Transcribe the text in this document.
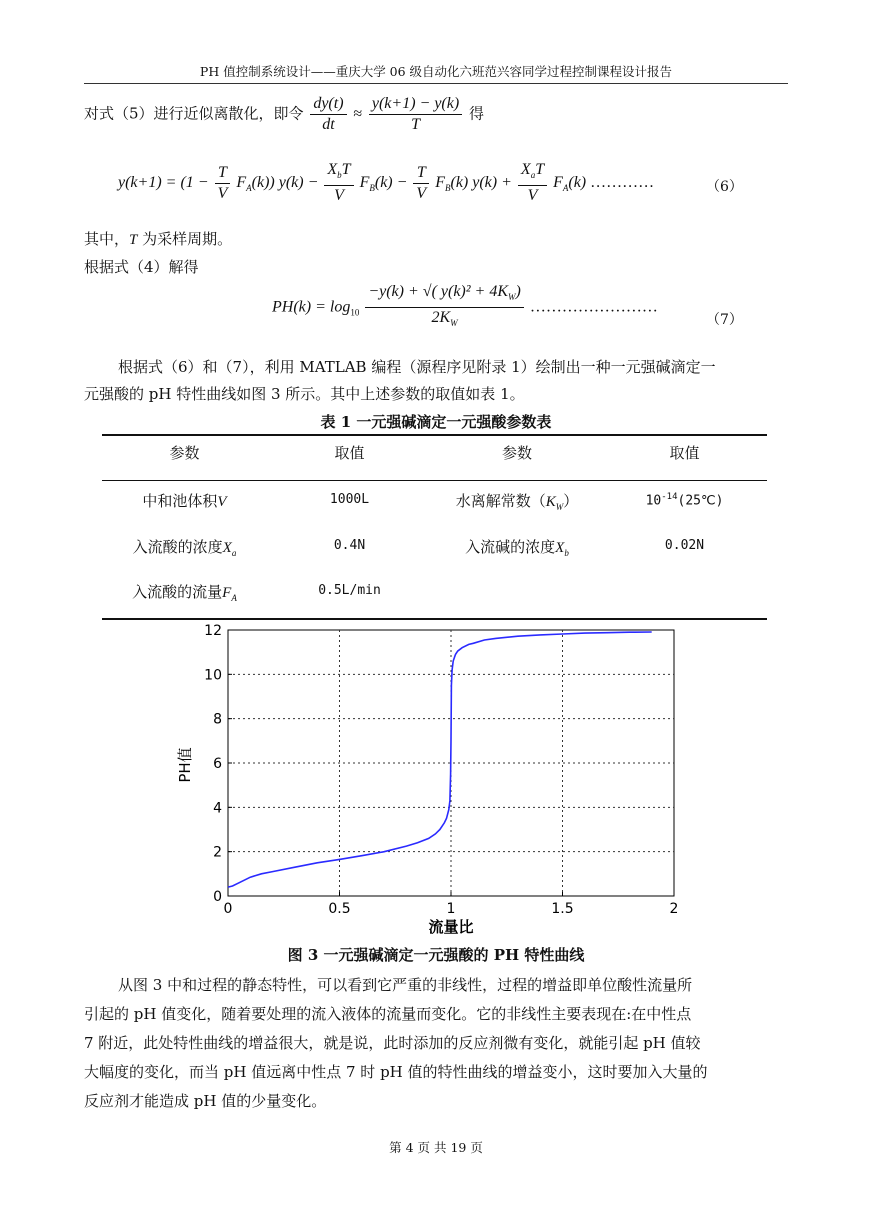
PH 值控制系统设计——重庆大学 06 级自动化六班范兴容同学过程控制课程设计报告
对式（5）进行近似离散化，即令 $\frac{dy(t)}{dt} \approx \frac{y(k+1) - y(k)}{T}$ 得
$y(k+1) = (1 - \frac{T}{V} F_A(k))$ $y(k) - \frac{X_bT}{V} F_B(k) - \frac{T}{V} F_B(k) y(k) + \frac{X_aT}{V} F_A(k)$ …………	（6）
其中，T 为采样周期。
根据式（4）解得
$PH(k) = \log_{10} \frac{-y(k) + √( y(k)^2 + 4K_W)}{2K_W}$ ……………………
（7）
根据式（6）和（7），利用 MATLAB 编程（源程序见附录 1）绘制出一种一元强碱滴定一
元强酸的 pH 特性曲线如图 3 所示。其中上述参数的取值如表 1。
表 1 一元强碱滴定一元强酸参数表
参数	取值	参数	取值
中和池体积V	1000L	水离解常数$(K_W)$	$10^{-14}(25℃)$
入流酸的浓度$X_a$	0.4N	入流碱的浓度$X_b$	0.02N
入流酸的流量$F_A$	0.5L/min
0	0.5	1	1.5	2
0
2
4
6
8
10
12
PH值
流量比
图 3 一元强碱滴定一元强酸的 PH 特性曲线
从图 3 中和过程的静态特性，可以看到它严重的非线性，过程的增益即单位酸性流量所
引起的 pH 值变化，随着要处理的流入液体的流量而变化。它的非线性主要表现在:在中性点
7 附近，此处特性曲线的增益很大，就是说，此时添加的反应剂微有变化，就能引起 pH 值较
大幅度的变化，而当 pH 值远离中性点 7 时 pH 值的特性曲线的增益变小，这时要加入大量的
反应剂才能造成 pH 值的少量变化。
第 4 页 共 19 页
